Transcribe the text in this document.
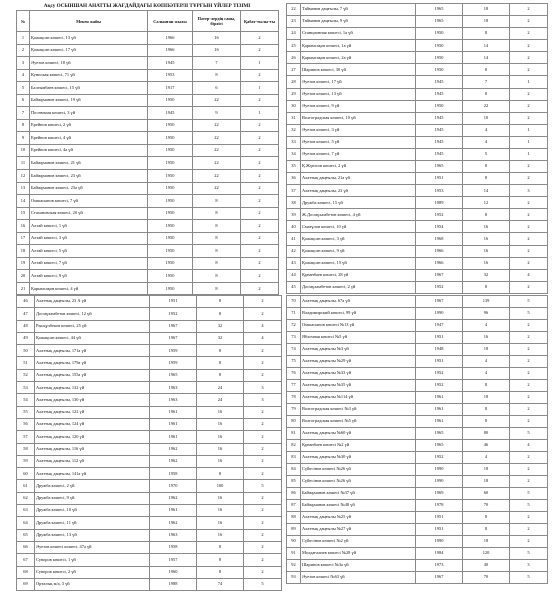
Ақсу ОСЫНШАН АНАТТЫ ЖАҒДАЙДАҒЫ КӨППӘТЕРЛІ ТҰРҒЫН ҮЙЛЕР ТІЗІМІ
№	Мекен жайы	Салынған жылы	Пәтер-лердің саны, бірлігі	Қабат-тылы-ғы
1	Қожақсан көшесі, 13 үй	1966	16	2
2	Қожақсан көшесі, 17 үй	1966	16	2
3	Әуезов көшесі, 18 үй	1945	7	1
4	Кунпская көшесі, 71 үй	1953	8	2
5	Балгымбаев көшесі, 15 үй	1917	6	1
6	Байжұманов көшесі, 19 үй	1950	22	2
7	Посевноая көшесі, 3 үй	1945	9	1
8	Ерейнов көшесі, 2 үй	1950	22	2
9	Ерейнов көшесі, 4 үй	1950	22	2
10	Ерейнов көшесі, 4а үй	1950	22	2
11	Байжұманов көшесі, 21 үй	1950	22	2
12	Байжұманов көшесі, 23 үй	1950	22	2
13	Байжұманов көшесі, 23а үй	1950	22	2
14	Омшасынов көшесі, 7 үй	1950	8	2
15	Стахановская көшесі, 20 үй	1950	8	2
16	Алтай көшесі, 1 үй	1950	8	2
17	Алтай көшесі, 3 үй	1950	8	2
18	Алтай көшесі, 5 үй	1950	8	2
19	Алтай көшесі, 7 үй	1950	8	2
20	Алтай көшесі, 9 үй	1950	8	2
21	Қарымсақов көшесі, 4 үй	1950	8	2
22	Тайманов даңғылы, 7 үй	1965	18	2
23	Тайманов даңғылы, 9 үй	1965	18	2
24	Станционная көшесі, 1а үй	1950	8	2
25	Қарымсақов көшесі, 1а үй	1950	14	2
26	Қарымсақов көшесі, 2а үй	1950	14	2
27	Шарипов көшесі, 30 үй	1950	8	2
28	Әуезов көшесі, 17 үй	1945	7	1
29	Әуезов көшесі, 13 үй	1945	8	2
30	Әуезов көшесі, 9 үй	1950	22	2
31	Волгоградская көшесі, 10 үй	1945	10	2
32	Әуезов көшесі, 3 үй	1945	4	1
33	Әуезов көшесі, 5 үй	1945	4	1
34	Әуезов көшесі, 7 үй	1945	5	1
35	Қ.Жүнісов көшесі, 2 үй	1965	8	2
36	Алаттық даңғылы, 21а үй	1951	8	2
37	Алаттық даңғылы, 23 үй	1953	14	3
38	Дружба көшесі, 15 үй	1989	12	2
39	Ж.Досмұхамбетов көшесі, 4 үй	1952	8	2
40	Смағұлов көшесі, 10 үй	1954	16	2
41	Қожақсан көшесі, 3 үй	1968	16	2
42	Қожақсан көшесі, 9 үй	1966	16	2
43	Қожақсан көшесі, 15 үй	1966	16	2
44	Құнанбаев көшесі, 28 үй	1967	32	4
45	Досмұхамбетов көшесі, 2 үй	1952	8	2
46	Алаттық даңғылы, 23 А үй	1951	8	2
47	Досмұхамбетов көшесі, 12 үй	1952	8	2
48	Рысқұлбеков көшесі, 25 үй	1967	32	4
49	Қожақсан көшесі, 44 үй	1967	32	4
50	Алаттық даңғылы, 171а үй	1959	8	2
51	Алаттық даңғылы, 179а үй	1959	8	2
52	Алаттық даңғылы, 155а үй	1965	8	2
53	Алаттық даңғылы, 132 үй	1963	24	3
54	Алаттық даңғылы, 130 үй	1963	24	3
55	Алаттық даңғылы, 122 үй	1961	16	2
56	Алаттық даңғылы, 124 үй	1961	16	2
57	Алаттық даңғылы, 120 үй	1961	16	2
58	Алаттық даңғылы, 116 үй	1962	16	2
59	Алаттық даңғылы, 112 үй	1962	16	2
60	Алаттық даңғылы, 141а үй	1958	8	2
61	Дружба көшесі, 2 үй	1970	100	5
62	Дружба көшесі, 9 үй	1962	16	2
63	Дружба көшесі, 10 үй	1961	16	2
64	Дружба көшесі, 11 үй	1962	16	2
65	Дружба көшесі, 13 үй	1963	16	2
66	Әуезов көшесі көшесі, 47а үй	1958	8	2
67	Суворов көшесі, 1 үй	1957	8	2
68	Суворов көшесі, 2 үй	1960	8	2
69	Орталық м/а, 3 үй	1988	74	5
70	Алаттық даңғылы, 67а үй	1967	139	5
71	Владимирский көшесі, 99 үй	1990	96	5
72	Омшасынов көшесі №13 үй	1947	4	2
73	Яблочная көшесі №5 үй	1951	16	2
74	Алаттық даңғылы №3 үй	1948	18	2
75	Алаттық даңғылы №29 үй	1951	4	2
76	Алаттық даңғылы №33 үй	1952	4	2
77	Алаттық даңғылы №35 үй	1952	8	2
78	Алаттық даңғылы №114 үй	1961	18	2
79	Волгоградская көшесі №3 үй	1961	8	2
80	Волгоградская көшесі №5 үй	1961	8	2
81	Алаттық даңғылы №60 үй	1965	80	5
82	Құнанбаев көшесі №2 үй	1965	46	4
83	Алаттық даңғылы №30 үй	1952	4	2
84	Сүйесінов көшесі №26 үй	1990	18	2
85	Сүйесінов көшесі №26 үй	1990	18	2
86	Байжұманов көшесі №37 үй	1969	60	5
87	Байжұманов көшесі №48 үй	1978	70	5
88	Алаттық даңғылы №25 үй	1951	8	2
89	Алаттық даңғылы №27 үй	1951	8	2
90	Сүйесінов көшесі №2 үй	1990	18	2
91	Молдағалиев көшесі №28 үй	1984	120	5
92	Шарипов көшесі №3а үй	1973	40	3
93	Әуезов көшесі №63 үй	1967	70	5
